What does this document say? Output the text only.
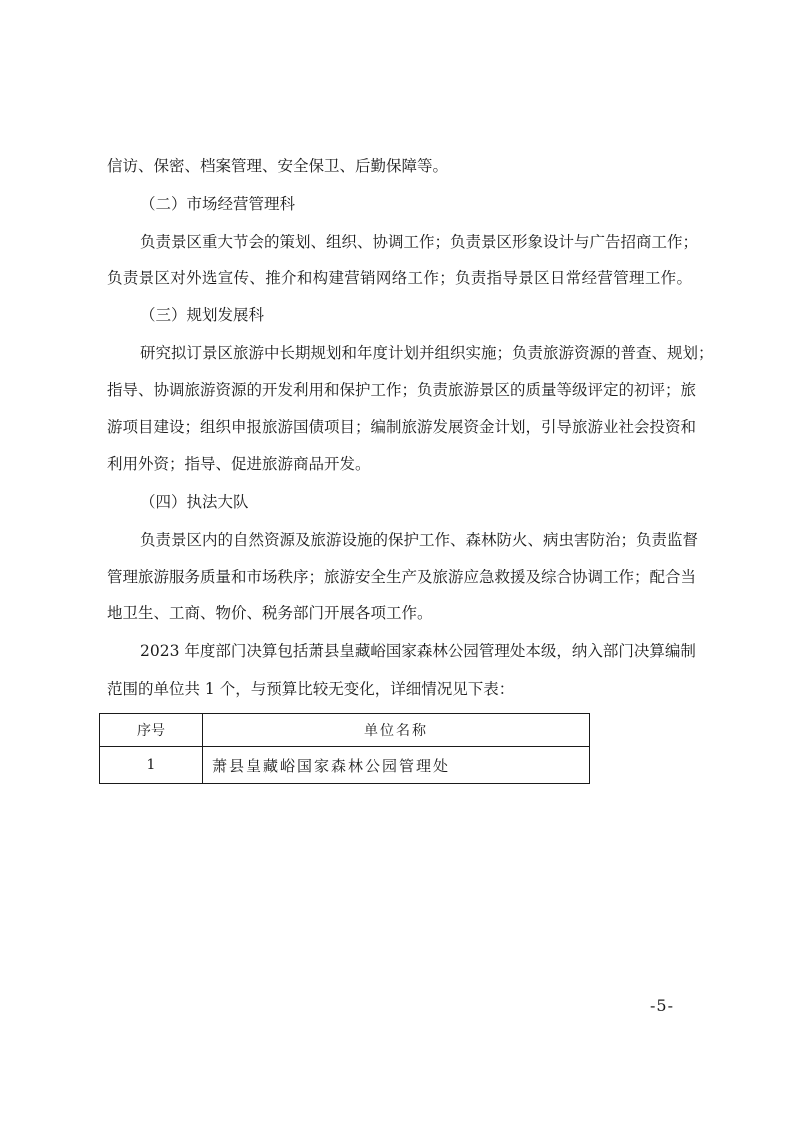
信访、保密、档案管理、安全保卫、后勤保障等。
（二）市场经营管理科
负责景区重大节会的策划、组织、协调工作；负责景区形象设计与广告招商工作；
负责景区对外选宣传、推介和构建营销网络工作；负责指导景区日常经营管理工作。
（三）规划发展科
研究拟订景区旅游中长期规划和年度计划并组织实施；负责旅游资源的普查、规划；
指导、协调旅游资源的开发利用和保护工作；负责旅游景区的质量等级评定的初评；旅
游项目建设；组织申报旅游国债项目；编制旅游发展资金计划，引导旅游业社会投资和
利用外资；指导、促进旅游商品开发。
（四）执法大队
负责景区内的自然资源及旅游设施的保护工作、森林防火、病虫害防治；负责监督
管理旅游服务质量和市场秩序；旅游安全生产及旅游应急救援及综合协调工作；配合当
地卫生、工商、物价、税务部门开展各项工作。
2023 年度部门决算包括萧县皇藏峪国家森林公园管理处本级，纳入部门决算编制
范围的单位共 1 个，与预算比较无变化，详细情况见下表：
序号	单位名称
1	萧县皇藏峪国家森林公园管理处
-5-
